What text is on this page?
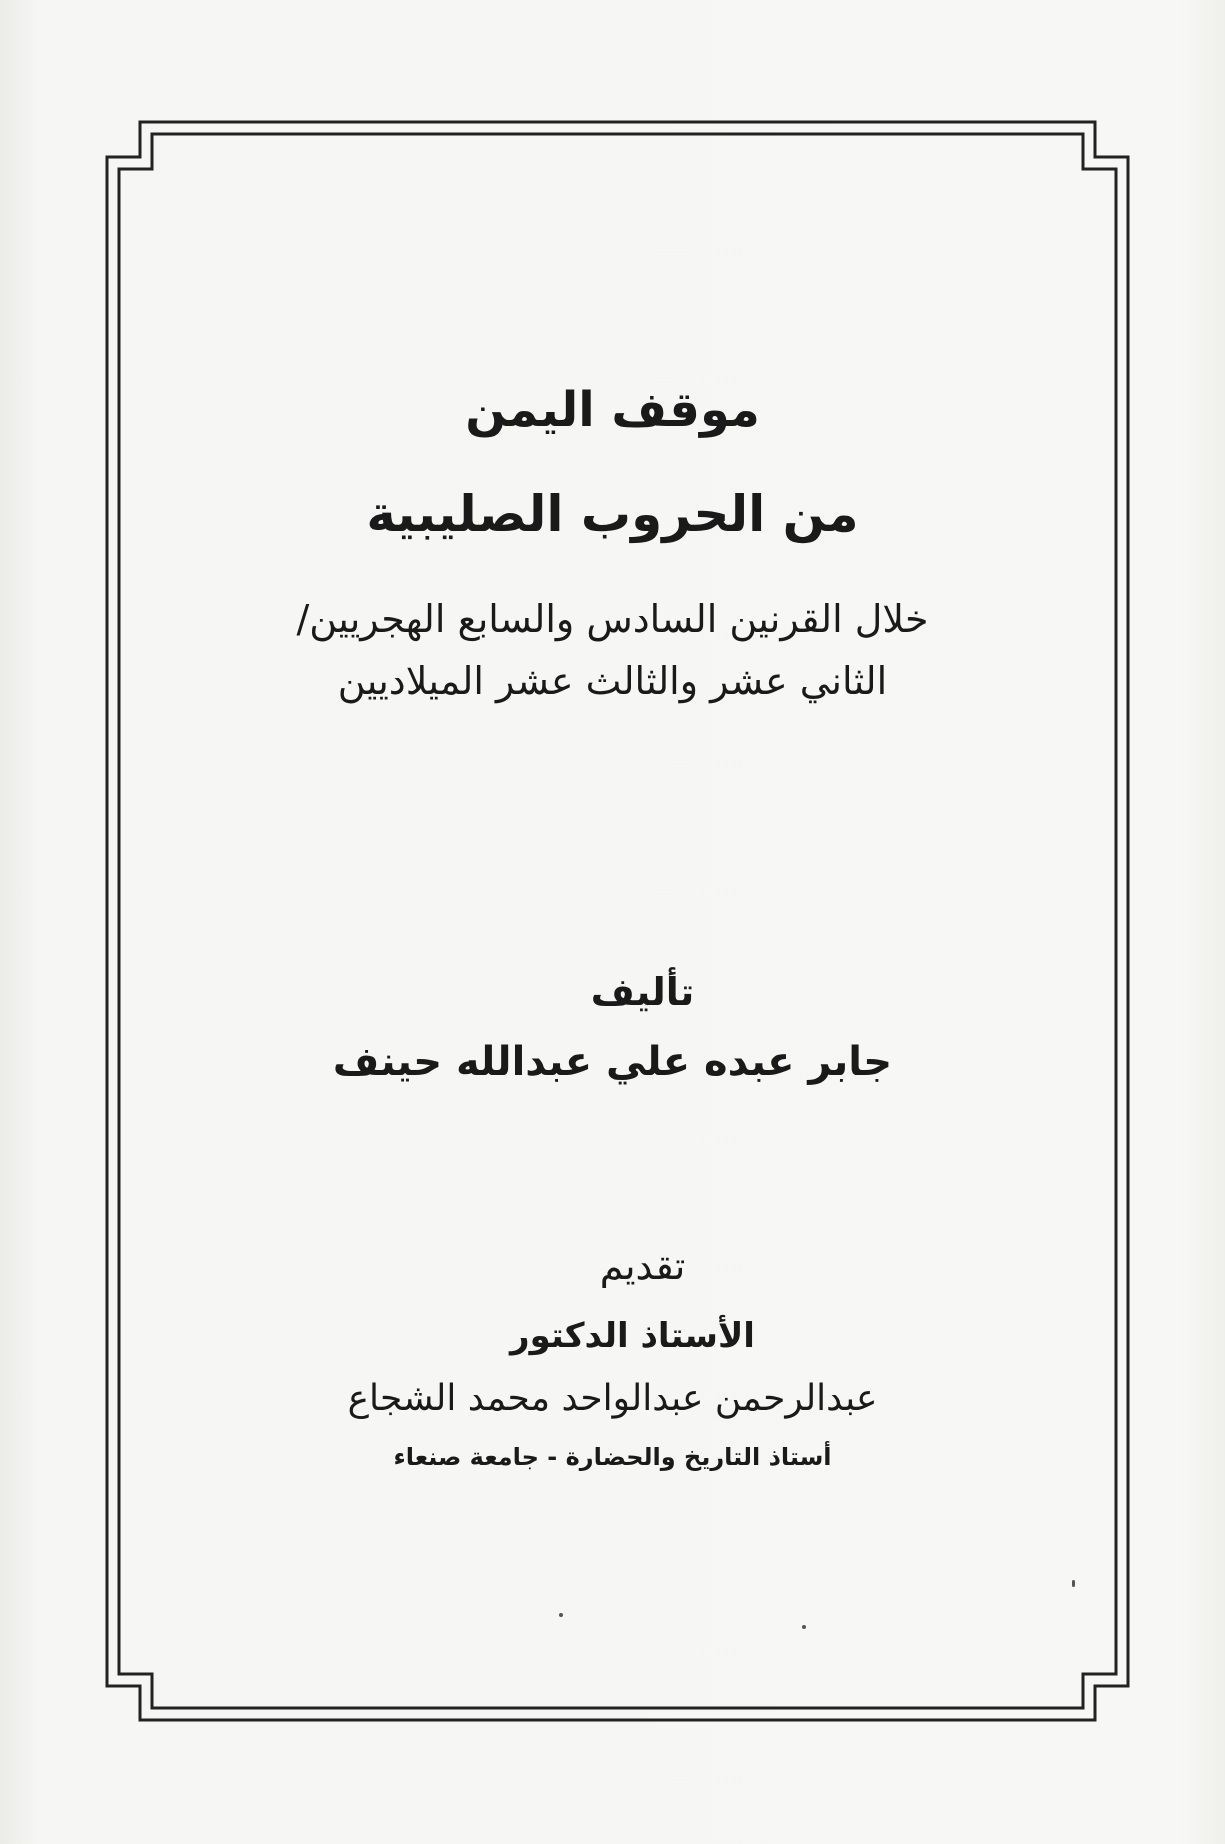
موقف اليمن
من الحروب الصليبية
خلال القرنين السادس والسابع الهجريين/
الثاني عشر والثالث عشر الميلاديين
تأليف
جابر عبده علي عبدالله حينف
تقديم
الأستاذ الدكتور
عبدالرحمن عبدالواحد محمد الشجاع
أستاذ التاريخ والحضارة - جامعة صنعاء
